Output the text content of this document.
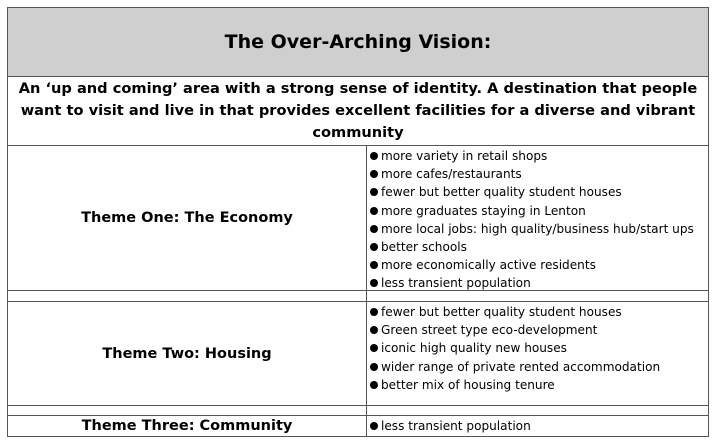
The Over-Arching Vision:
An ‘up and coming’ area with a strong sense of identity. A destination that people want to visit and live in that provides excellent facilities for a diverse and vibrant community
Theme One: The Economy
more variety in retail shops
more cafes/restaurants
fewer but better quality student houses
more graduates staying in Lenton
more local jobs: high quality/business hub/start ups
better schools
more economically active residents
less transient population
Theme Two: Housing
fewer but better quality student houses
Green street type eco-development
iconic high quality new houses
wider range of private rented accommodation
better mix of housing tenure
Theme Three: Community	less transient population
